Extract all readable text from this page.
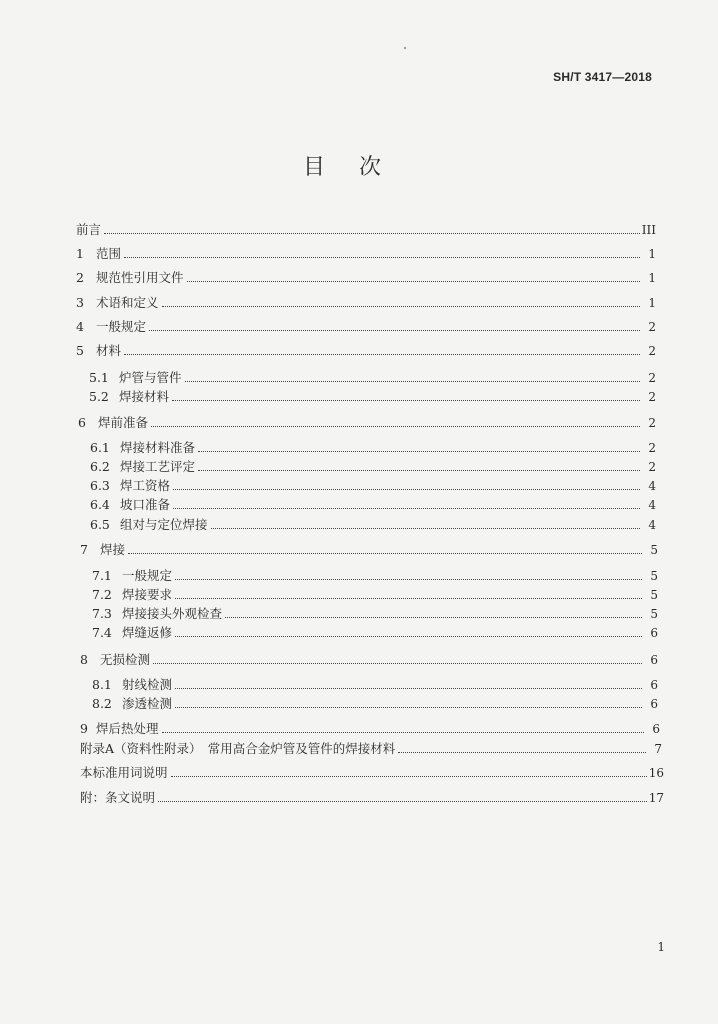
SH/T 3417—2018
目次
前言	III
1 范围	1
2 规范性引用文件	1
3 术语和定义	1
4 一般规定	2
5 材料	2
5.1 炉管与管件	2
5.2 焊接材料	2
6 焊前准备	2
6.1 焊接材料准备	2
6.2 焊接工艺评定	2
6.3 焊工资格	4
6.4 坡口准备	4
6.5 组对与定位焊接	4
7 焊接	5
7.1 一般规定	5
7.2 焊接要求	5
7.3 焊接接头外观检查	5
7.4 焊缝返修	6
8 无损检测	6
8.1 射线检测	6
8.2 渗透检测	6
9 焊后热处理	6
附录A（资料性附录）　常用高合金炉管及管件的焊接材料	7
本标准用词说明	16
附：条文说明	17
1
